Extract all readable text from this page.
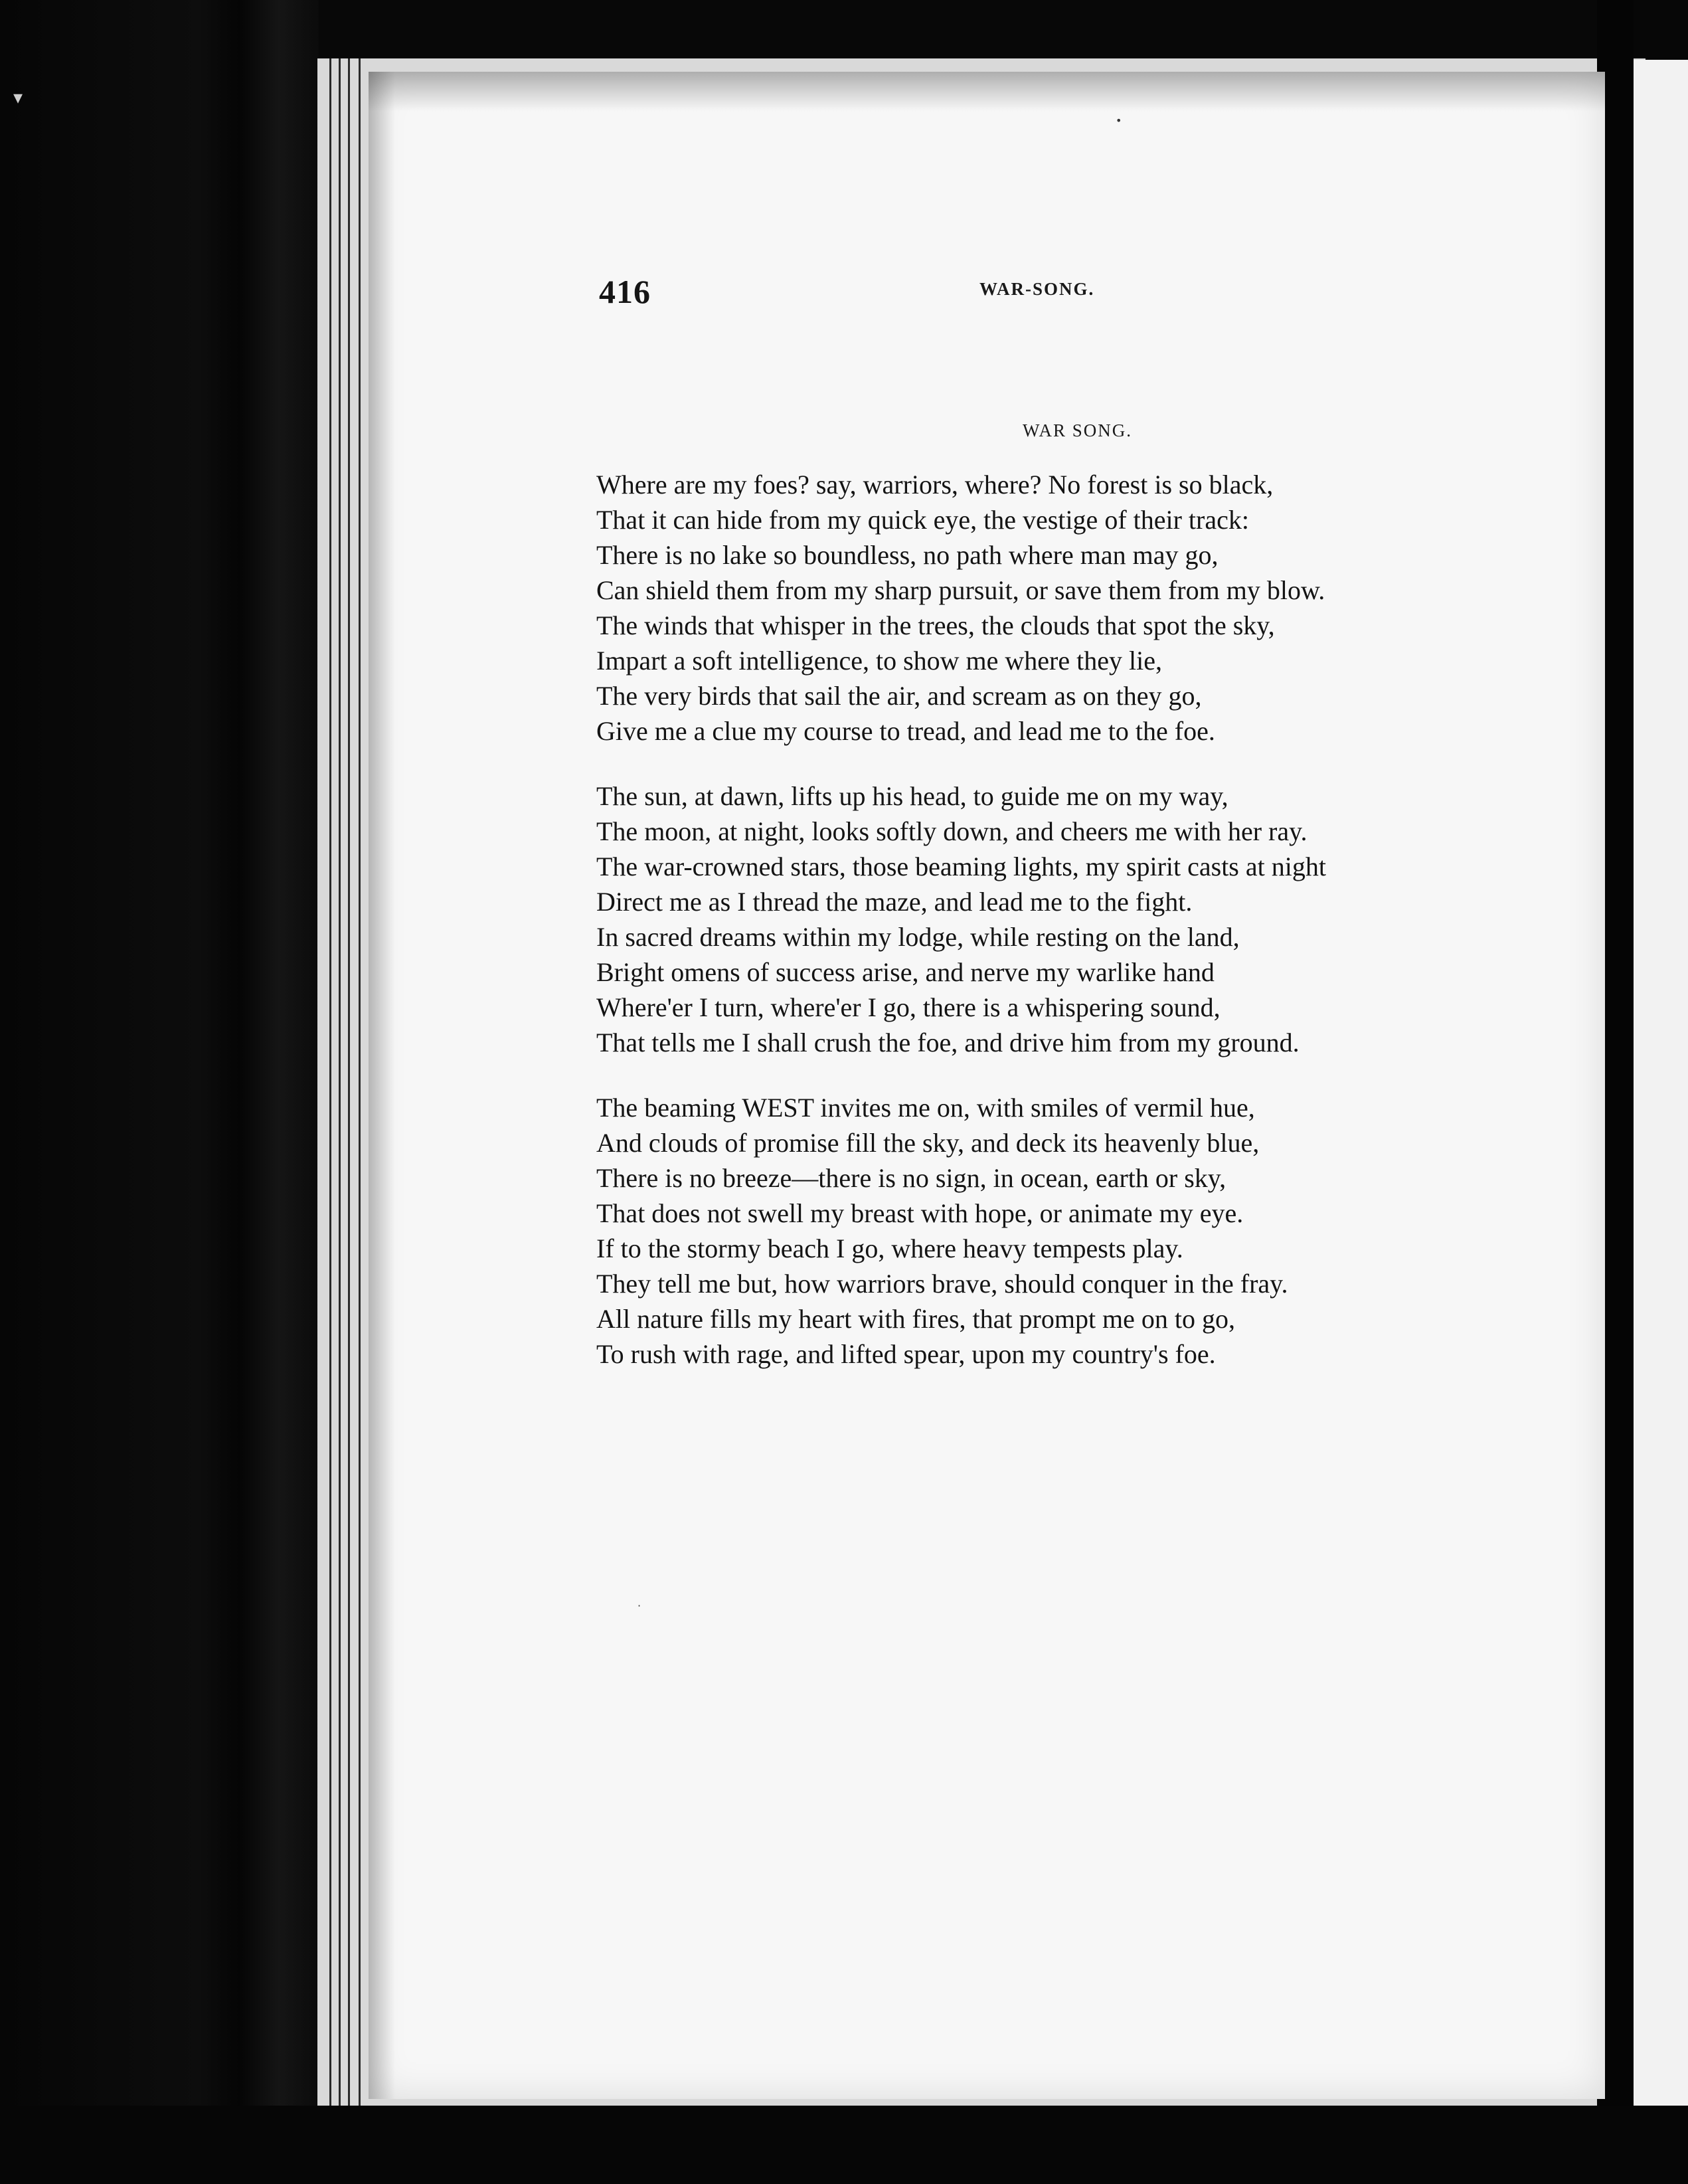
▾
416	WAR-SONG.
WAR SONG.
Where are my foes? say, warriors, where? No forest is so black,
That it can hide from my quick eye, the vestige of their track:
There is no lake so boundless, no path where man may go,
Can shield them from my sharp pursuit, or save them from my blow.
The winds that whisper in the trees, the clouds that spot the sky,
Impart a soft intelligence, to show me where they lie,
The very birds that sail the air, and scream as on they go,
Give me a clue my course to tread, and lead me to the foe.
The sun, at dawn, lifts up his head, to guide me on my way,
The moon, at night, looks softly down, and cheers me with her ray.
The war-crowned stars, those beaming lights, my spirit casts at night
Direct me as I thread the maze, and lead me to the fight.
In sacred dreams within my lodge, while resting on the land,
Bright omens of success arise, and nerve my warlike hand
Where'er I turn, where'er I go, there is a whispering sound,
That tells me I shall crush the foe, and drive him from my ground.
The beaming WEST invites me on, with smiles of vermil hue,
And clouds of promise fill the sky, and deck its heavenly blue,
There is no breeze—there is no sign, in ocean, earth or sky,
That does not swell my breast with hope, or animate my eye.
If to the stormy beach I go, where heavy tempests play.
They tell me but, how warriors brave, should conquer in the fray.
All nature fills my heart with fires, that prompt me on to go,
To rush with rage, and lifted spear, upon my country's foe.
•
·
